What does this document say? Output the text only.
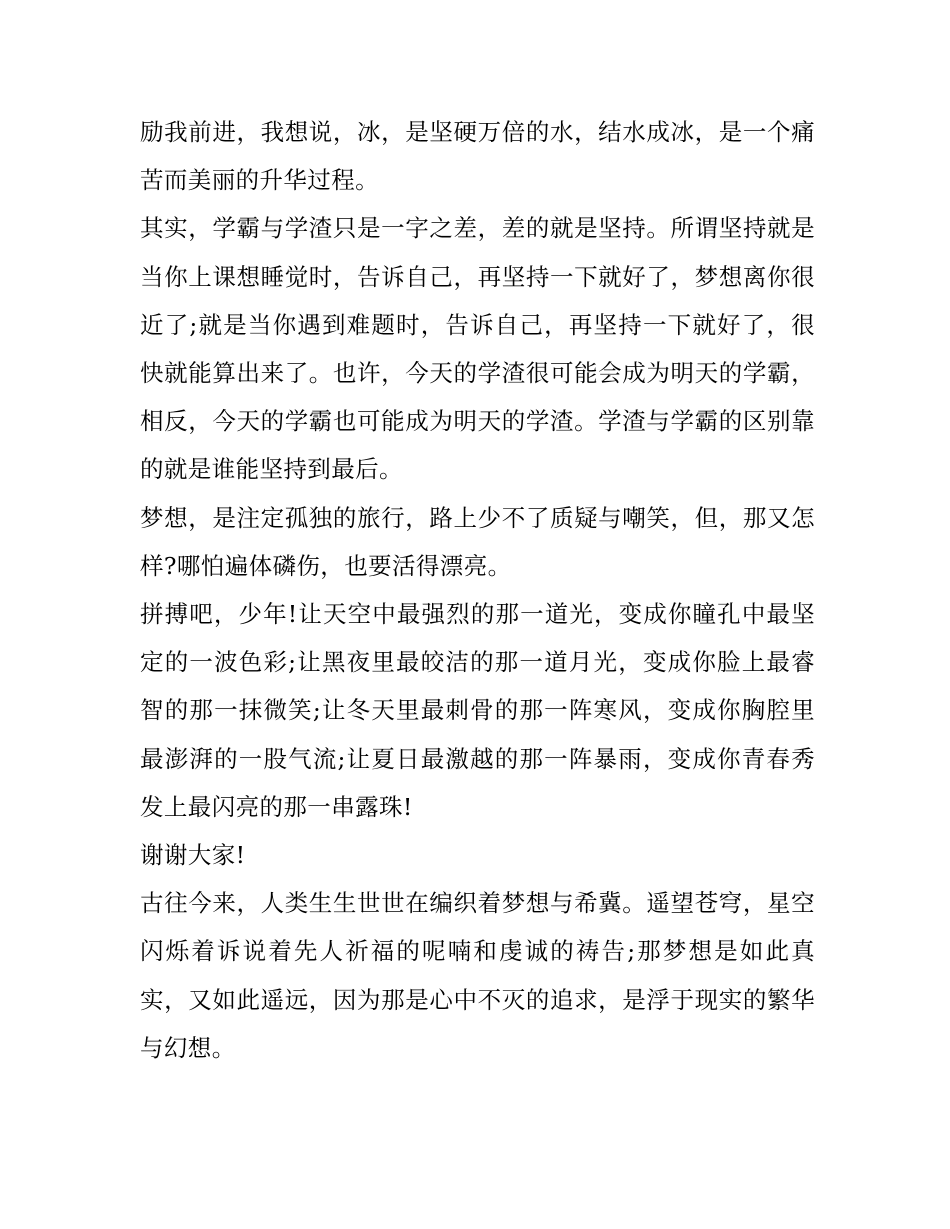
励我前进，我想说，冰，是坚硬万倍的水，结水成冰，是一个痛苦而美丽的升华过程。

其实，学霸与学渣只是一字之差，差的就是坚持。所谓坚持就是当你上课想睡觉时，告诉自己，再坚持一下就好了，梦想离你很近了;就是当你遇到难题时，告诉自己，再坚持一下就好了，很快就能算出来了。也许，今天的学渣很可能会成为明天的学霸，相反，今天的学霸也可能成为明天的学渣。学渣与学霸的区别靠的就是谁能坚持到最后。

梦想，是注定孤独的旅行，路上少不了质疑与嘲笑，但，那又怎样?哪怕遍体磷伤，也要活得漂亮。

拼搏吧，少年!让天空中最强烈的那一道光，变成你瞳孔中最坚定的一波色彩;让黑夜里最皎洁的那一道月光，变成你脸上最睿智的那一抹微笑;让冬天里最刺骨的那一阵寒风，变成你胸腔里最澎湃的一股气流;让夏日最激越的那一阵暴雨，变成你青春秀发上最闪亮的那一串露珠!

谢谢大家!

古往今来，人类生生世世在编织着梦想与希冀。遥望苍穹，星空闪烁着诉说着先人祈福的呢喃和虔诚的祷告;那梦想是如此真实，又如此遥远，因为那是心中不灭的追求，是浮于现实的繁华与幻想。
